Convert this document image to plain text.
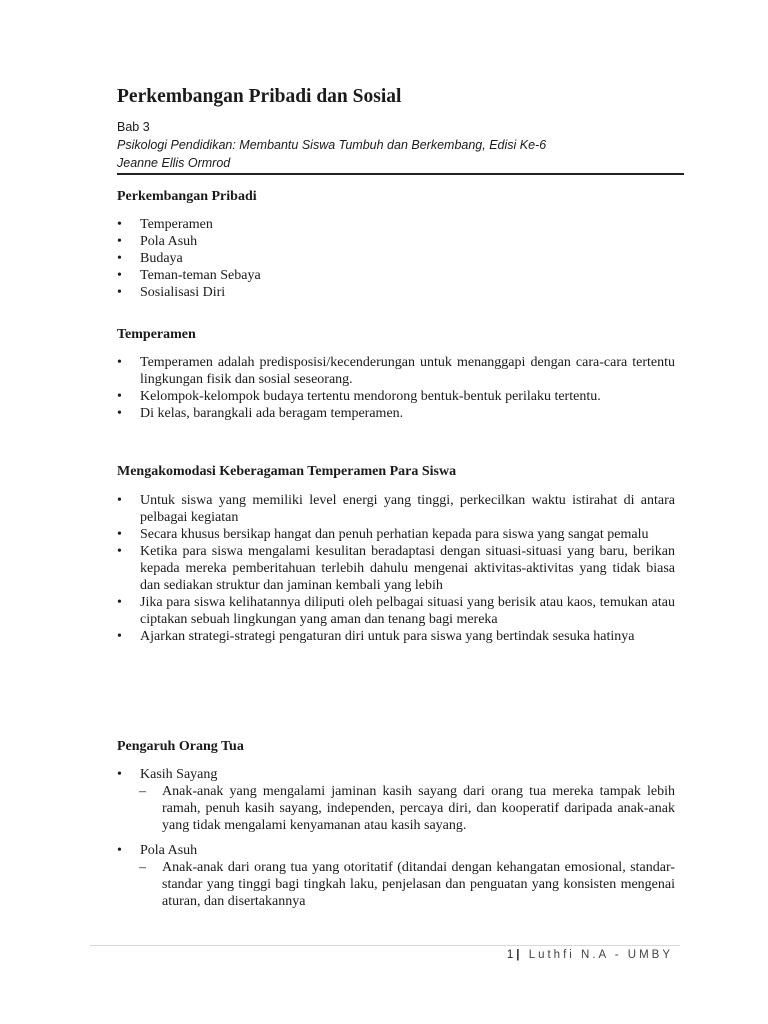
Perkembangan Pribadi dan Sosial
Bab 3
Psikologi Pendidikan: Membantu Siswa Tumbuh dan Berkembang, Edisi Ke-6
Jeanne Ellis Ormrod
Perkembangan Pribadi
• Temperamen
• Pola Asuh
• Budaya
• Teman-teman Sebaya
• Sosialisasi Diri
Temperamen
• Temperamen adalah predisposisi/kecenderungan untuk menanggapi dengan cara-cara tertentu lingkungan fisik dan sosial seseorang.
• Kelompok-kelompok budaya tertentu mendorong bentuk-bentuk perilaku tertentu.
• Di kelas, barangkali ada beragam temperamen.
Mengakomodasi Keberagaman Temperamen Para Siswa
• Untuk siswa yang memiliki level energi yang tinggi, perkecilkan waktu istirahat di antara pelbagai kegiatan
• Secara khusus bersikap hangat dan penuh perhatian kepada para siswa yang sangat pemalu
• Ketika para siswa mengalami kesulitan beradaptasi dengan situasi-situasi yang baru, berikan kepada mereka pemberitahuan terlebih dahulu mengenai aktivitas-aktivitas yang tidak biasa dan sediakan struktur dan jaminan kembali yang lebih
• Jika para siswa kelihatannya diliputi oleh pelbagai situasi yang berisik atau kaos, temukan atau ciptakan sebuah lingkungan yang aman dan tenang bagi mereka
• Ajarkan strategi-strategi pengaturan diri untuk para siswa yang bertindak sesuka hatinya
Pengaruh Orang Tua
• Kasih Sayang
– Anak-anak yang mengalami jaminan kasih sayang dari orang tua mereka tampak lebih ramah, penuh kasih sayang, independen, percaya diri, dan kooperatif daripada anak-anak yang tidak mengalami kenyamanan atau kasih sayang.
• Pola Asuh
– Anak-anak dari orang tua yang otoritatif (ditandai dengan kehangatan emosional, standar-standar yang tinggi bagi tingkah laku, penjelasan dan penguatan yang konsisten mengenai aturan, dan disertakannya
1| Luthfi N.A - UMBY
